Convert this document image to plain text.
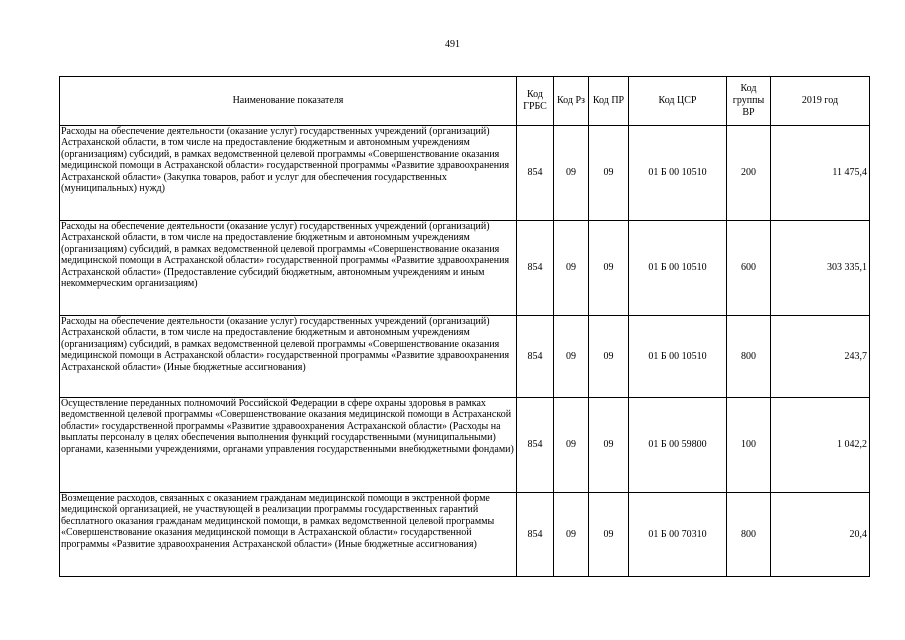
491
Наименование показателя	Код ГРБС	Код Рз	Код ПР	Код ЦСР	Код группы ВР	2019 год
Расходы на обеспечение деятельности (оказание услуг) государственных учреждений (организаций) Астраханской области, в том числе на предоставление бюджетным и автономным учреждениям (организациям) субсидий, в рамках ведомственной целевой программы «Совершенствование оказания медицинской помощи в Астраханской области» государственной программы «Развитие здравоохранения Астраханской области» (Закупка товаров, работ и услуг для обеспечения государственных (муниципальных) нужд)	854	09	09	01 Б 00 10510	200	11 475,4
Расходы на обеспечение деятельности (оказание услуг) государственных учреждений (организаций) Астраханской области, в том числе на предоставление бюджетным и автономным учреждениям (организациям) субсидий, в рамках ведомственной целевой программы «Совершенствование оказания медицинской помощи в Астраханской области» государственной программы «Развитие здравоохранения Астраханской области» (Предоставление субсидий бюджетным, автономным учреждениям и иным некоммерческим организациям)	854	09	09	01 Б 00 10510	600	303 335,1
Расходы на обеспечение деятельности (оказание услуг) государственных учреждений (организаций) Астраханской области, в том числе на предоставление бюджетным и автономным учреждениям (организациям) субсидий, в рамках ведомственной целевой программы «Совершенствование оказания медицинской помощи в Астраханской области» государственной программы «Развитие здравоохранения Астраханской области» (Иные бюджетные ассигнования)	854	09	09	01 Б 00 10510	800	243,7
Осуществление переданных полномочий Российской Федерации в сфере охраны здоровья в рамках ведомственной целевой программы «Совершенствование оказания медицинской помощи в Астраханской области» государственной программы «Развитие здравоохранения Астраханской области» (Расходы на выплаты персоналу в целях обеспечения выполнения функций государственными (муниципальными) органами, казенными учреждениями, органами управления государственными внебюджетными фондами)	854	09	09	01 Б 00 59800	100	1 042,2
Возмещение расходов, связанных с оказанием гражданам медицинской помощи в экстренной форме медицинской организацией, не участвующей в реализации программы государственных гарантий бесплатного оказания гражданам медицинской помощи, в рамках ведомственной целевой программы «Совершенствование оказания медицинской помощи в Астраханской области» государственной программы «Развитие здравоохранения Астраханской области» (Иные бюджетные ассигнования)	854	09	09	01 Б 00 70310	800	20,4
